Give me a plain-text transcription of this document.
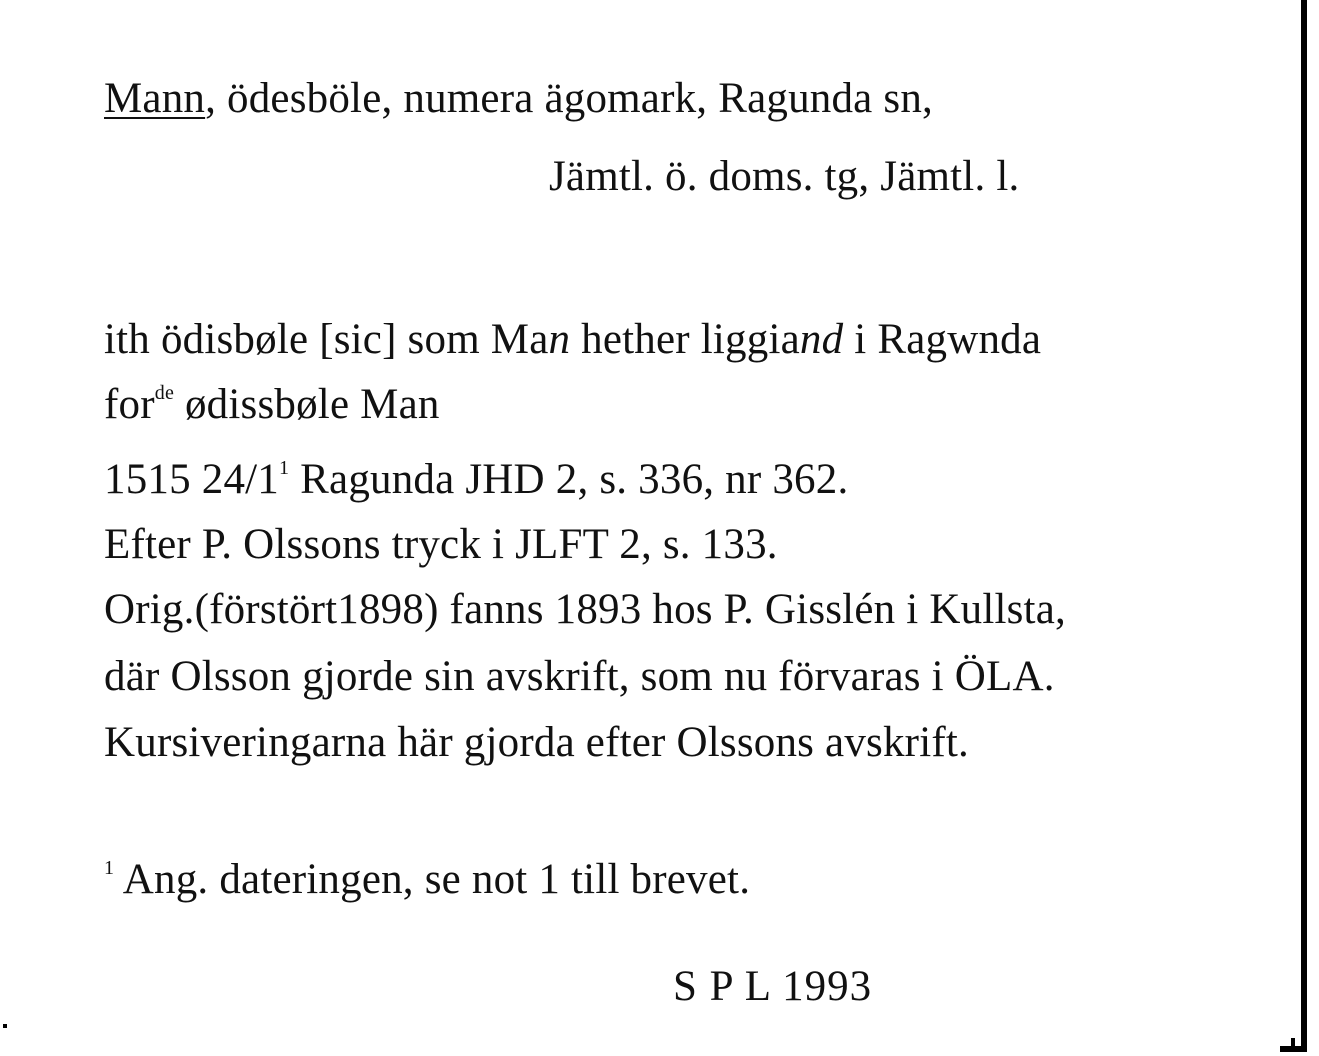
Mann, ödesböle, numera ägomark, Ragunda sn,
Jämtl. ö. doms. tg, Jämtl. l.
ith ödisbøle [sic] som Man hether liggiand i Ragwnda
for$^{de}$ ødissbøle Man
1515 $24/1^1$ Ragunda JHD 2, s. 336, nr 362.
Efter P. Olssons tryck i JLFT 2, s. 133.
Orig.(förstört1898) fanns 1893 hos P. Gisslén i Kullsta,
där Olsson gjorde sin avskrift, som nu förvaras i ÖLA.
Kursiveringarna här gjorda efter Olssons avskrift.
$^1$ Ang. dateringen, se not 1 till brevet.
S P L 1993
